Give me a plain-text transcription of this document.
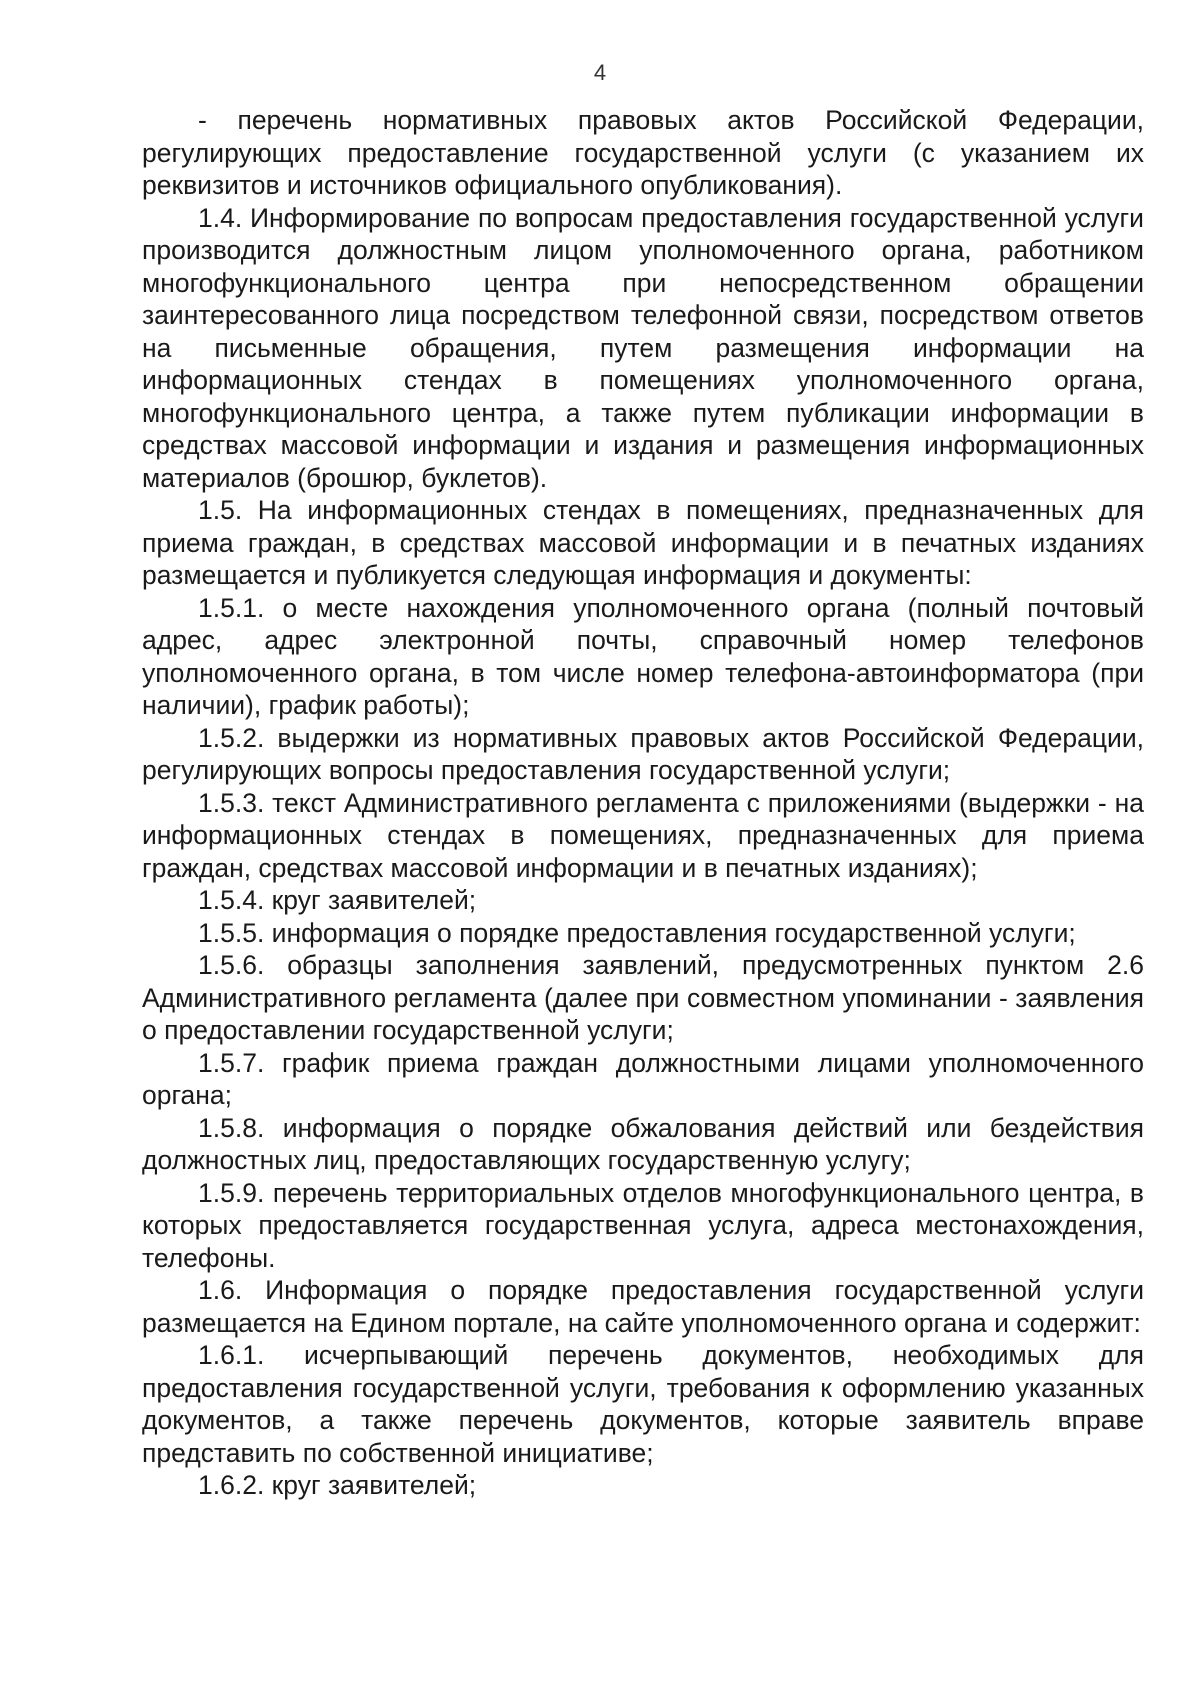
4

- перечень нормативных правовых актов Российской Федерации, регулирующих предоставление государственной услуги (с указанием их реквизитов и источников официального опубликования).

1.4. Информирование по вопросам предоставления государственной услуги производится должностным лицом уполномоченного органа, работником многофункционального центра при непосредственном обращении заинтересованного лица посредством телефонной связи, посредством ответов на письменные обращения, путем размещения информации на информационных стендах в помещениях уполномоченного органа, многофункционального центра, а также путем публикации информации в средствах массовой информации и издания и размещения информационных материалов (брошюр, буклетов).

1.5. На информационных стендах в помещениях, предназначенных для приема граждан, в средствах массовой информации и в печатных изданиях размещается и публикуется следующая информация и документы:

1.5.1. о месте нахождения уполномоченного органа (полный почтовый адрес, адрес электронной почты, справочный номер телефонов уполномоченного органа, в том числе номер телефона-автоинформатора (при наличии), график работы);

1.5.2. выдержки из нормативных правовых актов Российской Федерации, регулирующих вопросы предоставления государственной услуги;

1.5.3. текст Административного регламента с приложениями (выдержки - на информационных стендах в помещениях, предназначенных для приема граждан, средствах массовой информации и в печатных изданиях);

1.5.4. круг заявителей;

1.5.5. информация о порядке предоставления государственной услуги;

1.5.6. образцы заполнения заявлений, предусмотренных пунктом 2.6 Административного регламента (далее при совместном упоминании - заявления о предоставлении государственной услуги;

1.5.7. график приема граждан должностными лицами уполномоченного органа;

1.5.8. информация о порядке обжалования действий или бездействия должностных лиц, предоставляющих государственную услугу;

1.5.9. перечень территориальных отделов многофункционального центра, в которых предоставляется государственная услуга, адреса местонахождения, телефоны.

1.6. Информация о порядке предоставления государственной услуги размещается на Едином портале, на сайте уполномоченного органа и содержит:

1.6.1. исчерпывающий перечень документов, необходимых для предоставления государственной услуги, требования к оформлению указанных документов, а также перечень документов, которые заявитель вправе представить по собственной инициативе;

1.6.2. круг заявителей;
